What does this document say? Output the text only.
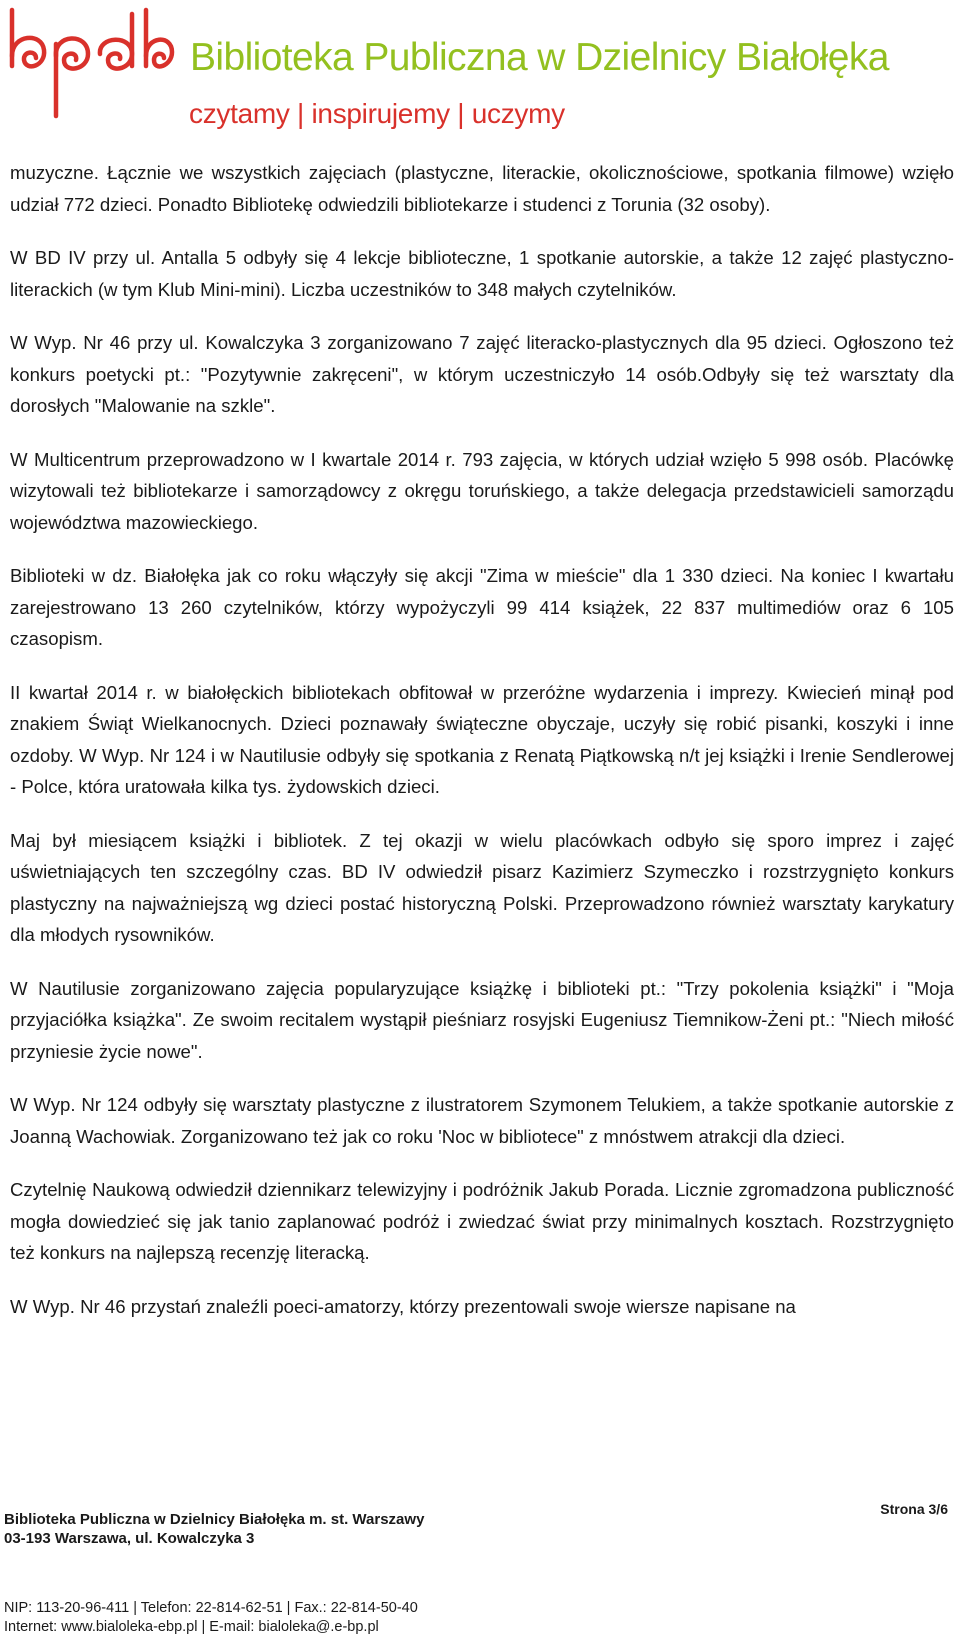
Biblioteka Publiczna w Dzielnicy Białołęka
czytamy | inspirujemy | uczymy

muzyczne. Łącznie we wszystkich zajęciach (plastyczne, literackie, okolicznościowe, spotkania filmowe) wzięło udział 772 dzieci. Ponadto Bibliotekę odwiedzili bibliotekarze i studenci z Torunia (32 osoby).

W BD IV przy ul. Antalla 5 odbyły się 4 lekcje biblioteczne, 1 spotkanie autorskie, a także 12 zajęć plastyczno-literackich (w tym Klub Mini-mini). Liczba uczestników to 348 małych czytelników.

W Wyp. Nr 46 przy ul. Kowalczyka 3 zorganizowano 7 zajęć literacko-plastycznych dla 95 dzieci. Ogłoszono też konkurs poetycki pt.: "Pozytywnie zakręceni", w którym uczestniczyło 14 osób.Odbyły się też warsztaty dla dorosłych "Malowanie na szkle".

W Multicentrum przeprowadzono w I kwartale 2014 r. 793 zajęcia, w których udział wzięło 5 998 osób. Placówkę wizytowali też bibliotekarze i samorządowcy z okręgu toruńskiego, a także delegacja przedstawicieli samorządu województwa mazowieckiego.

Biblioteki w dz. Białołęka jak co roku włączyły się akcji "Zima w mieście" dla 1 330 dzieci. Na koniec I kwartału zarejestrowano 13 260 czytelników, którzy wypożyczyli 99 414 książek, 22 837 multimediów oraz 6 105 czasopism.

II kwartał 2014 r. w białołęckich bibliotekach obfitował w przeróżne wydarzenia i imprezy. Kwiecień minął pod znakiem Świąt Wielkanocnych. Dzieci poznawały świąteczne obyczaje, uczyły się robić pisanki, koszyki i inne ozdoby. W Wyp. Nr 124 i w Nautilusie odbyły się spotkania z Renatą Piątkowską n/t jej książki i Irenie Sendlerowej - Polce, która uratowała kilka tys. żydowskich dzieci.

Maj był miesiącem książki i bibliotek. Z tej okazji w wielu placówkach odbyło się sporo imprez i zajęć uświetniających ten szczególny czas. BD IV odwiedził pisarz Kazimierz Szymeczko i rozstrzygnięto konkurs plastyczny na najważniejszą wg dzieci postać historyczną Polski. Przeprowadzono również warsztaty karykatury dla młodych rysowników.

W Nautilusie zorganizowano zajęcia popularyzujące książkę i biblioteki pt.: "Trzy pokolenia książki" i "Moja przyjaciółka książka". Ze swoim recitalem wystąpił pieśniarz rosyjski Eugeniusz Tiemnikow-Żeni pt.: "Niech miłość przyniesie życie nowe".

W Wyp. Nr 124 odbyły się warsztaty plastyczne z ilustratorem Szymonem Telukiem, a także spotkanie autorskie z Joanną Wachowiak. Zorganizowano też jak co roku 'Noc w bibliotece" z mnóstwem atrakcji dla dzieci.

Czytelnię Naukową odwiedził dziennikarz telewizyjny i podróżnik Jakub Porada. Licznie zgromadzona publiczność mogła dowiedzieć się jak tanio zaplanować podróż i zwiedzać świat przy minimalnych kosztach. Rozstrzygnięto też konkurs na najlepszą recenzję literacką.

W Wyp. Nr 46 przystań znaleźli poeci-amatorzy, którzy prezentowali swoje wiersze napisane na

Strona 3/6
Biblioteka Publiczna w Dzielnicy Białołęka m. st. Warszawy
03-193 Warszawa, ul. Kowalczyka 3
NIP: 113-20-96-411 | Telefon: 22-814-62-51 | Fax.: 22-814-50-40
Internet: www.bialoleka-ebp.pl | E-mail: bialoleka@.e-bp.pl
